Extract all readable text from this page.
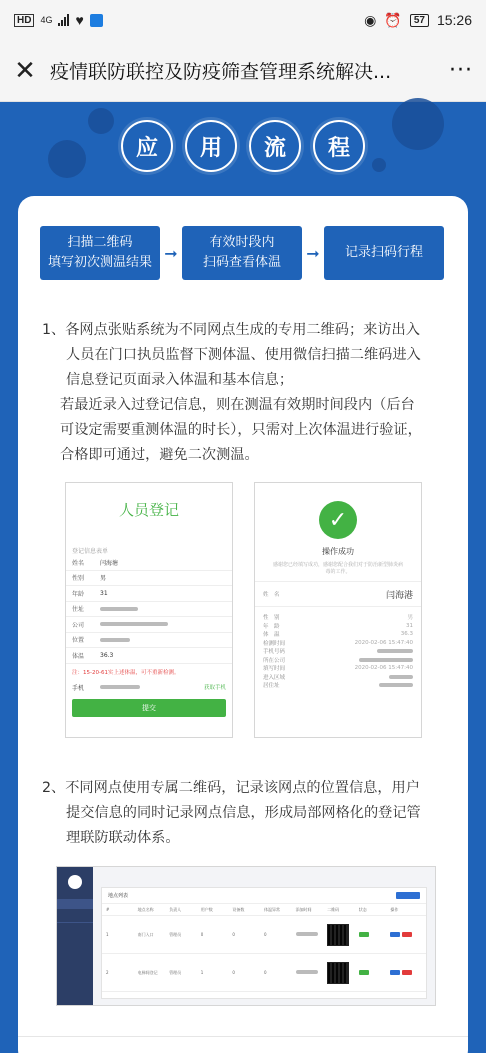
HD	4G ♥	◉ ⏰	57 15:26
✕ 疫情联防联控及防疫筛查管理系统解决...	···
应	用	流	程
扫描二维码
填写初次测温结果 ➞
有效时段内
扫码查看体温 ➞	记录扫码行程
1、各网点张贴系统为不同网点生成的专用二维码；来访出入
人员在门口执员监督下测体温、使用微信扫描二维码进入
信息登记页面录入体温和基本信息；
若最近录入过登记信息，则在测温有效期时间段内（后台
可设定需要重测体温的时长），只需对上次体温进行验证，
合格即可通过，避免二次测温。
人员登记
登记信息表单
姓名	闫海塘
性别	男
年龄	31
住址
公司
位置
体温	36.3
注：15-20-61实上述体温，可不重新检测。
手机	获取手机
提交
✓
操作成功
感谢您已经填写成功，感谢您配合我们对于防治新型肺炎病毒的工作。
姓　名	闫海港
性　别	男
年　龄	31
体　温	36.3
检测时间	2020-02-06 15:47:40
手机号码
所在公司
填写时间	2020-02-06 15:47:40
进入区域
居住址
2、不同网点使用专属二维码，记录该网点的位置信息，用户
提交信息的同时记录网点信息，形成局部网格化的登记管
理联防联动体系。
地点列表
#	地点名称	负责人	用户数	设备数	体温异常	添加时间	二维码	状态	操作
1	南门入口	管理员	0	0	0
2	电梯间登记	管理员	1	0	0
